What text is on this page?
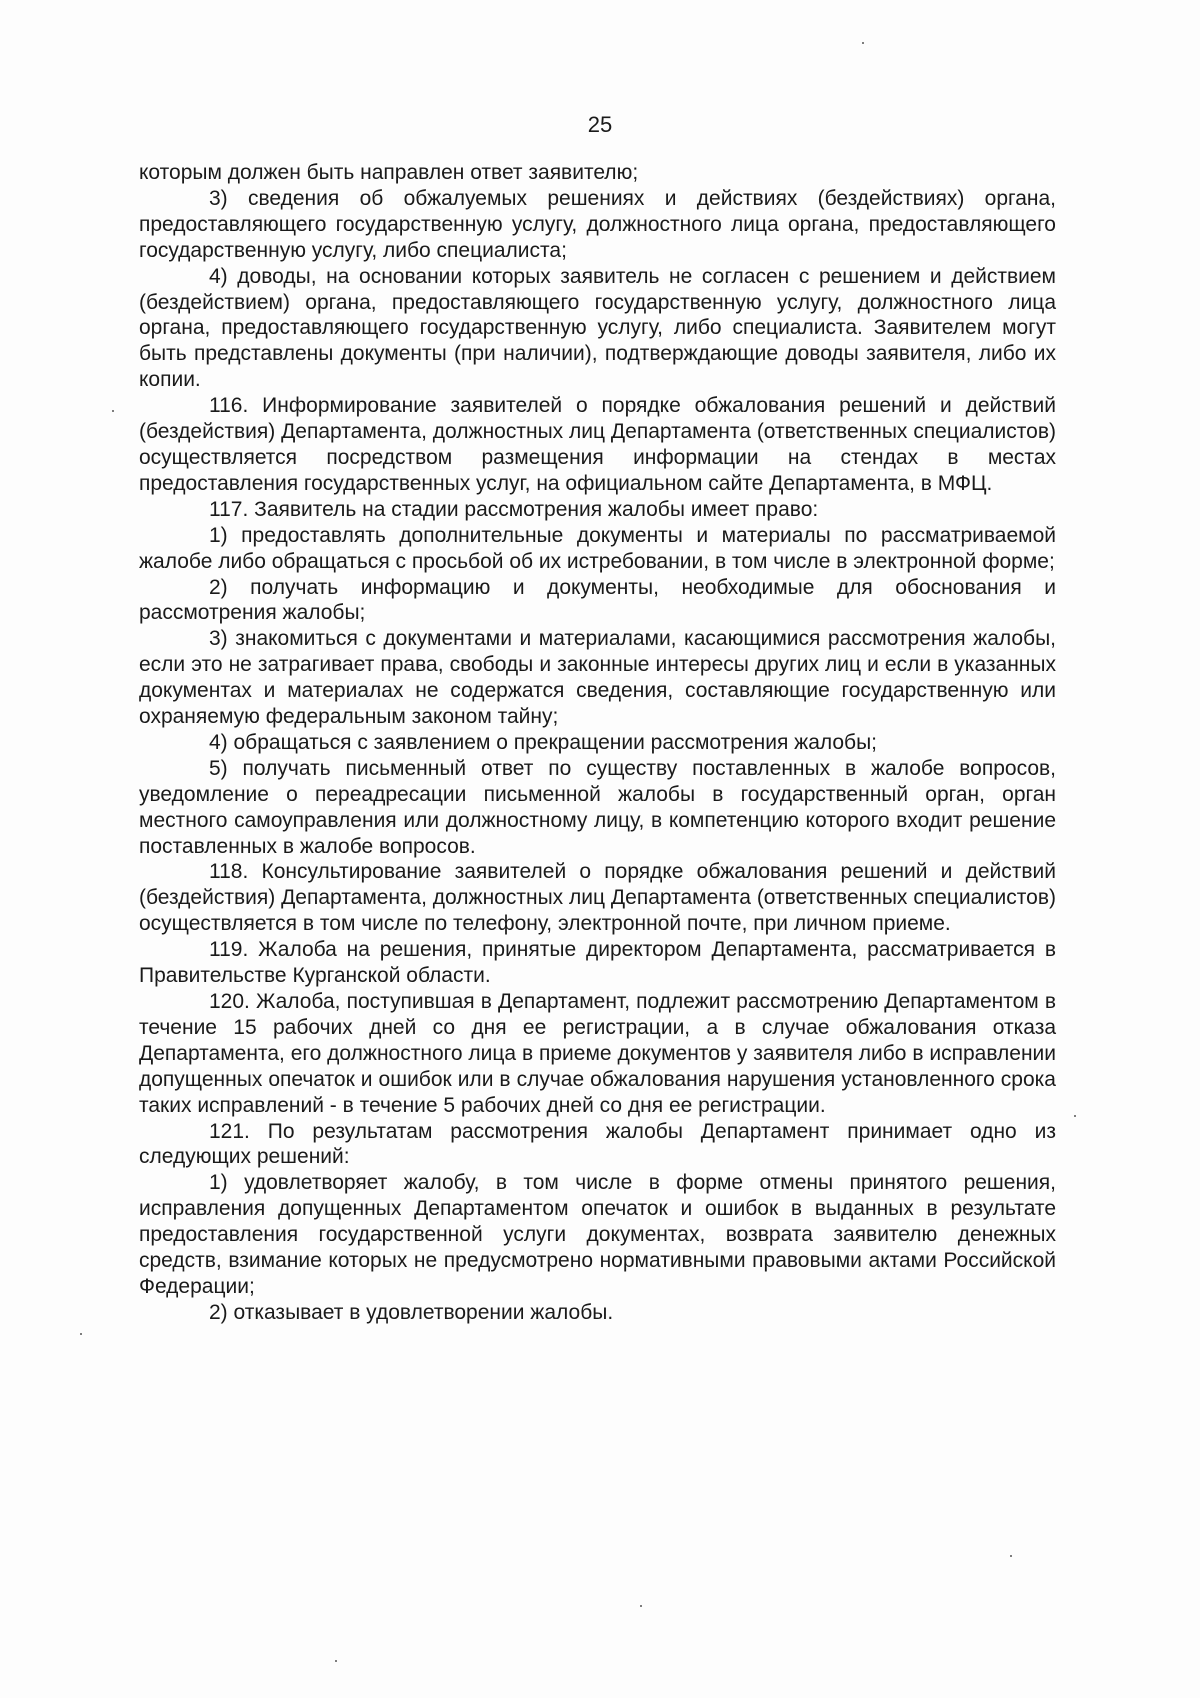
25

которым должен быть направлен ответ заявителю;

3) сведения об обжалуемых решениях и действиях (бездействиях) органа, предоставляющего государственную услугу, должностного лица органа, предоставляющего государственную услугу, либо специалиста;

4) доводы, на основании которых заявитель не согласен с решением и действием (бездействием) органа, предоставляющего государственную услугу, должностного лица органа, предоставляющего государственную услугу, либо специалиста. Заявителем могут быть представлены документы (при наличии), подтверждающие доводы заявителя, либо их копии.

116. Информирование заявителей о порядке обжалования решений и действий (бездействия) Департамента, должностных лиц Департамента (ответственных специалистов) осуществляется посредством размещения информации на стендах в местах предоставления государственных услуг, на официальном сайте Департамента, в МФЦ.

117. Заявитель на стадии рассмотрения жалобы имеет право:

1) предоставлять дополнительные документы и материалы по рассматриваемой жалобе либо обращаться с просьбой об их истребовании, в том числе в электронной форме;

2) получать информацию и документы, необходимые для обоснования и рассмотрения жалобы;

3) знакомиться с документами и материалами, касающимися рассмотрения жалобы, если это не затрагивает права, свободы и законные интересы других лиц и если в указанных документах и материалах не содержатся сведения, составляющие государственную или охраняемую федеральным законом тайну;

4) обращаться с заявлением о прекращении рассмотрения жалобы;

5) получать письменный ответ по существу поставленных в жалобе вопросов, уведомление о переадресации письменной жалобы в государственный орган, орган местного самоуправления или должностному лицу, в компетенцию которого входит решение поставленных в жалобе вопросов.

118. Консультирование заявителей о порядке обжалования решений и действий (бездействия) Департамента, должностных лиц Департамента (ответственных специалистов) осуществляется в том числе по телефону, электронной почте, при личном приеме.

119. Жалоба на решения, принятые директором Департамента, рассматривается в Правительстве Курганской области.

120. Жалоба, поступившая в Департамент, подлежит рассмотрению Департаментом в течение 15 рабочих дней со дня ее регистрации, а в случае обжалования отказа Департамента, его должностного лица в приеме документов у заявителя либо в исправлении допущенных опечаток и ошибок или в случае обжалования нарушения установленного срока таких исправлений - в течение 5 рабочих дней со дня ее регистрации.

121. По результатам рассмотрения жалобы Департамент принимает одно из следующих решений:

1) удовлетворяет жалобу, в том числе в форме отмены принятого решения, исправления допущенных Департаментом опечаток и ошибок в выданных в результате предоставления государственной услуги документах, возврата заявителю денежных средств, взимание которых не предусмотрено нормативными правовыми актами Российской Федерации;

2) отказывает в удовлетворении жалобы.
